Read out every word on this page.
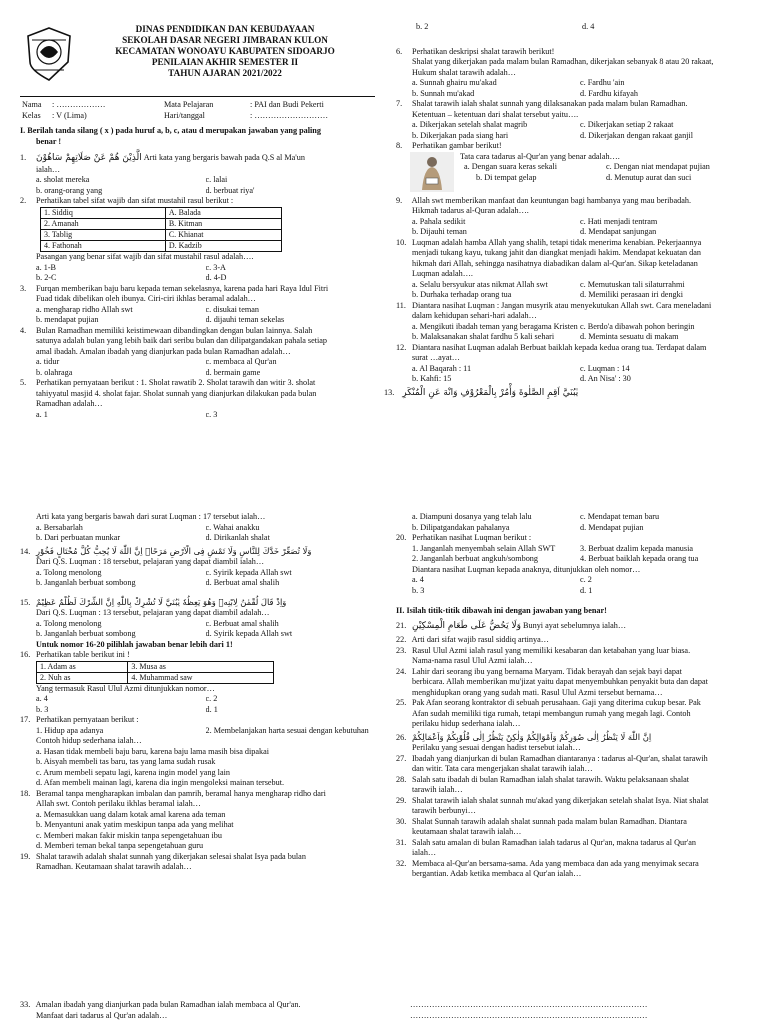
DINAS PENDIDIKAN DAN KEBUDAYAAN
SEKOLAH DASAR NEGERI JIMBARAN KULON
KECAMATAN WONOAYU KABUPATEN SIDOARJO
PENILAIAN AKHIR SEMESTER II
TAHUN AJARAN 2021/2022
Nama	: ………………	Mata Pelajaran	: PAI dan Budi Pekerti
Kelas	: V (Lima)	Hari/tanggal	: ………………………
I. Berilah tanda silang ( x ) pada huruf a, b, c, atau d merupakan jawaban yang paling
benar !
1. الَّذِيْنَ هُمْ عَنْ صَلَاتِهِمْ سَاهُوْنَ Arti kata yang bergaris bawah pada Q.S al Ma'un
ialah…
a. sholat mereka	c. lalai
b. orang-orang yang	d. berbuat riya'
2. Perhatikan tabel sifat wajib dan sifat mustahil rasul berikut :
1. Siddiq	A. Balada
2. Amanah	B. Kitman
3. Tablig	C. Khianat
4. Fathonah	D. Kadzib
Pasangan yang benar sifat wajib dan sifat mustahil rasul adalah….
a. 1-B	c. 3-A
b. 2-C	d. 4-D
3. Furqan memberikan baju baru kepada teman sekelasnya, karena pada hari Raya Idul Fitri
Fuad tidak dibelikan oleh ibunya. Ciri-ciri ikhlas beramal adalah…
a. mengharap ridho Allah swt	c. disukai teman
b. mendapat pujian	d. dijauhi teman sekelas
4. Bulan Ramadhan memiliki keistimewaan dibandingkan dengan bulan lainnya. Salah
satunya adalah bulan yang lebih baik dari seribu bulan dan dilipatgandakan pahala setiap
amal ibadah. Amalan ibadah yang dianjurkan pada bulan Ramadhan adalah…
a. tidur	c. membaca al Qur'an
b. olahraga	d. bermain game
5. Perhatikan pernyataan berikut : 1. Sholat rawatib 2. Sholat tarawih dan witir 3. sholat
tahiyyatul masjid 4. sholat fajar. Sholat sunnah yang dianjurkan dilakukan pada bulan
Ramadhan adalah…
a. 1	c. 3
b. 2	d. 4
6. Perhatikan deskripsi shalat tarawih berikut!
Shalat yang dikerjakan pada malam bulan Ramadhan, dikerjakan sebanyak 8 atau 20 rakaat,
Hukum shalat tarawih adalah…
a. Sunnah ghairu mu'akad	c. Fardhu 'ain
b. Sunnah mu'akad	d. Fardhu kifayah
7. Shalat tarawih ialah shalat sunnah yang dilaksanakan pada malam bulan Ramadhan.
Ketentuan – ketentuan dari shalat tersebut yaitu….
a. Dikerjakan setelah shalat magrib	c. Dikerjakan setiap 2 rakaat
b. Dikerjakan pada siang hari	d. Dikerjakan dengan rakaat ganjil
8. Perhatikan gambar berikut!
Tata cara tadarus al-Qur'an yang benar adalah….
a. Dengan suara keras sekali	c. Dengan niat mendapat pujian
b. Di tempat gelap	d. Menutup aurat dan suci
9. Allah swt memberikan manfaat dan keuntungan bagi hambanya yang mau beribadah.
Hikmah tadarus al-Quran adalah….
a. Pahala sedikit	c. Hati menjadi tentram
b. Dijauhi teman	d. Mendapat sanjungan
10. Luqman adalah hamba Allah yang shalih, tetapi tidak menerima kenabian. Pekerjaannya
menjadi tukang kayu, tukang jahit dan diangkat menjadi hakim. Mendapat kekuatan dan
hikmah dari Allah, sehingga nasihatnya diabadikan dalam al-Qur'an. Sikap keteladanan
Luqman adalah….
a. Selalu bersyukur atas nikmat Allah swt	c. Memutuskan tali silaturrahmi
b. Durhaka terhadap orang tua	d. Memiliki perasaan iri dengki
11. Diantara nasihat Luqman : Jangan musyrik atau menyekutukan Allah swt. Cara meneladani
dalam kehidupan sehari-hari adalah…
a. Mengikuti ibadah teman yang beragama Kristen c. Berdo'a dibawah pohon beringin
b. Malaksanakan shalat fardhu 5 kali sehari	d. Meminta sesuatu di makam
12. Diantara nasihat Luqman adalah Berbuat baiklah kepada kedua orang tua. Terdapat dalam
surat …ayat…
a. Al Baqarah : 11	c. Luqman : 14
b. Kahfi: 15	d. An Nisa' : 30
13. يٰبُنَيَّ اَقِمِ الصَّلٰوةَ وَأْمُرْ بِالْمَعْرُوْفِ وَانْهَ عَنِ الْمُنْكَرِ
Arti kata yang bergaris bawah dari surat Luqman : 17 tersebut ialah…
a. Bersabarlah	c. Wahai anakku
b. Dari perbuatan munkar	d. Dirikanlah shalat
14. وَلَا تُصَعِّرْ خَدَّكَ لِلنَّاسِ وَلَا تَمْشِ فِى الْاَرْضِ مَرَحًاۗ اِنَّ اللّٰهَ لَا يُحِبُّ كُلَّ مُخْتَالٍ فَخُوْرٍ
Dari Q.S. Luqman : 18 tersebut, pelajaran yang dapat diambil ialah…
a. Tolong menolong	c. Syirik kepada Allah swt
b. Janganlah berbuat sombong	d. Berbuat amal shalih
15. وَاِذْ قَالَ لُقْمٰنُ لِابْنِهٖ وَهُوَ يَعِظُهٗ يٰبُنَيَّ لَا تُشْرِكْ بِاللّٰهِ اِنَّ الشِّرْكَ لَظُلْمٌ عَظِيْمٌ
Dari Q.S. Luqman : 13 tersebut, pelajaran yang dapat diambil adalah…
a. Tolong menolong	c. Berbuat amal shalih
b. Janganlah berbuat sombong	d. Syirik kepada Allah swt
Untuk nomor 16-20 pilihlah jawaban benar lebih dari 1!
16. Perhatikan table berikut ini !
1. Adam as	3. Musa as
2. Nuh as	4. Muhammad saw
Yang termasuk Rasul Ulul Azmi ditunjukkan nomor…
a. 4	c. 2
b. 3	d. 1
17. Perhatikan pernyataan berikut :
1. Hidup apa adanya	2. Membelanjakan harta sesuai dengan kebutuhan
Contoh hidup sederhana ialah…
a. Hasan tidak membeli baju baru, karena baju lama masih bisa dipakai
b. Aisyah membeli tas baru, tas yang lama sudah rusak
c. Arum membeli sepatu lagi, karena ingin model yang lain
d. Afan membeli mainan lagi, karena dia ingin mengoleksi mainan tersebut.
18. Beramal tanpa mengharapkan imbalan dan pamrih, beramal hanya mengharap ridho dari
Allah swt. Contoh perilaku ikhlas beramal ialah…
a. Memasukkan uang dalam kotak amal karena ada teman
b. Menyantuni anak yatim meskipun tanpa ada yang melihat
c. Memberi makan fakir miskin tanpa sepengetahuan ibu
d. Memberi teman bekal tanpa sepengetahuan guru
19. Shalat tarawih adalah shalat sunnah yang dikerjakan selesai shalat Isya pada bulan
Ramadhan. Keutamaan shalat tarawih adalah…
a. Diampuni dosanya yang telah lalu	c. Mendapat teman baru
b. Dilipatgandakan pahalanya	d. Mendapat pujian
20. Perhatikan nasihat Luqman berikut :
1. Janganlah menyembah selain Allah SWT	3. Berbuat dzalim kepada manusia
2. Janganlah berbuat angkuh/sombong	4. Berbuat baiklah kepada orang tua
Diantara nasihat Luqman kepada anaknya, ditunjukkan oleh nomor…
a. 4	c. 2
b. 3	d. 1
II. Isilah titik-titik dibawah ini dengan jawaban yang benar!
21. وَلَا يَحُضُّ عَلَى طَعَامِ الْمِسْكِيْنِ Bunyi ayat sebelumnya ialah…
22. Arti dari sifat wajib rasul siddiq artinya…
23. Rasul Ulul Azmi ialah rasul yang memiliki kesabaran dan ketabahan yang luar biasa.
Nama-nama rasul Ulul Azmi ialah…
24. Lahir dari seorang ibu yang bernama Maryam. Tidak berayah dan sejak bayi dapat
berbicara. Allah memberikan mu'jizat yaitu dapat menyembuhkan penyakit buta dan dapat
menghidupkan orang yang sudah mati. Rasul Ulul Azmi tersebut bernama…
25. Pak Afan seorang kontraktor di sebuah perusahaan. Gaji yang diterima cukup besar. Pak
Afan sudah memiliki tiga rumah, tetapi membangun rumah yang megah lagi. Contoh
perilaku hidup sederhana ialah…
26. اِنَّ اللّٰهَ لَا يَنْظُرُ اِلٰى صُوَرِكُمْ وَاَمْوَالِكُمْ وَلٰكِنْ يَنْظُرُ اِلٰى قُلُوْبِكُمْ وَاَعْمَالِكُمْ
Perilaku yang sesuai dengan hadist tersebut ialah…
27. Ibadah yang dianjurkan di bulan Ramadhan diantaranya : tadarus al-Qur'an, shalat tarawih
dan witir. Tata cara mengerjakan shalat tarawih ialah…
28. Salah satu ibadah di bulan Ramadhan ialah shalat tarawih. Waktu pelaksanaan shalat
tarawih ialah…
29. Shalat tarawih ialah shalat sunnah mu'akad yang dikerjakan setelah shalat Isya. Niat shalat
tarawih berbunyi…
30. Shalat Sunnah tarawih adalah shalat sunnah pada malam bulan Ramadhan. Diantara
keutamaan shalat tarawih ialah…
31. Salah satu amalan di bulan Ramadhan ialah tadarus al Qur'an, makna tadarus al Qur'an
ialah…
32. Membaca al-Qur'an bersama-sama. Ada yang membaca dan ada yang menyimak secara
bergantian. Adab ketika membaca al Qur'an ialah…
33. Amalan ibadah yang dianjurkan pada bulan Ramadhan ialah membaca al Qur'an.
Manfaat dari tadarus al Qur'an adalah…
……………………………………………………………………………
……………………………………………………………………………
